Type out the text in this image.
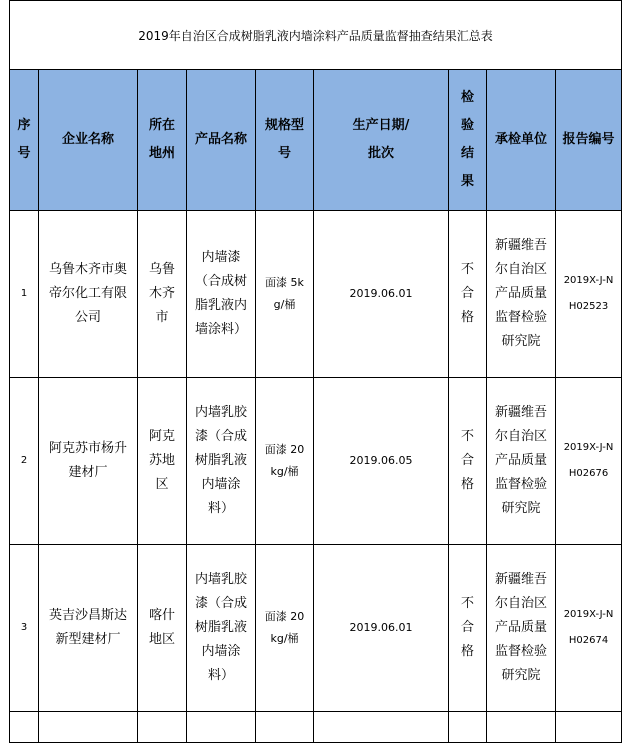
2019年自治区合成树脂乳液内墙涂料产品质量监督抽查结果汇总表								

序号	企业名称	所在地州	产品名称	规格型号	生产日期/批次	检验结果	承检单位	报告编号

1	乌鲁木齐市奥帝尔化工有限公司	乌鲁木齐市	内墙漆（合成树脂乳液内墙涂料）	面漆 5kg/桶	2019.06.01	不合格	新疆维吾尔自治区产品质量监督检验研究院	2019X-J-NH02523

2	阿克苏市杨升建材厂	阿克苏地区	内墙乳胶漆（合成树脂乳液内墙涂料）	面漆 20kg/桶	2019.06.05	不合格	新疆维吾尔自治区产品质量监督检验研究院	2019X-J-NH02676

3	英吉沙昌斯达新型建材厂	喀什地区	内墙乳胶漆（合成树脂乳液内墙涂料）	面漆 20kg/桶	2019.06.01	不合格	新疆维吾尔自治区产品质量监督检验研究院	2019X-J-NH02674
